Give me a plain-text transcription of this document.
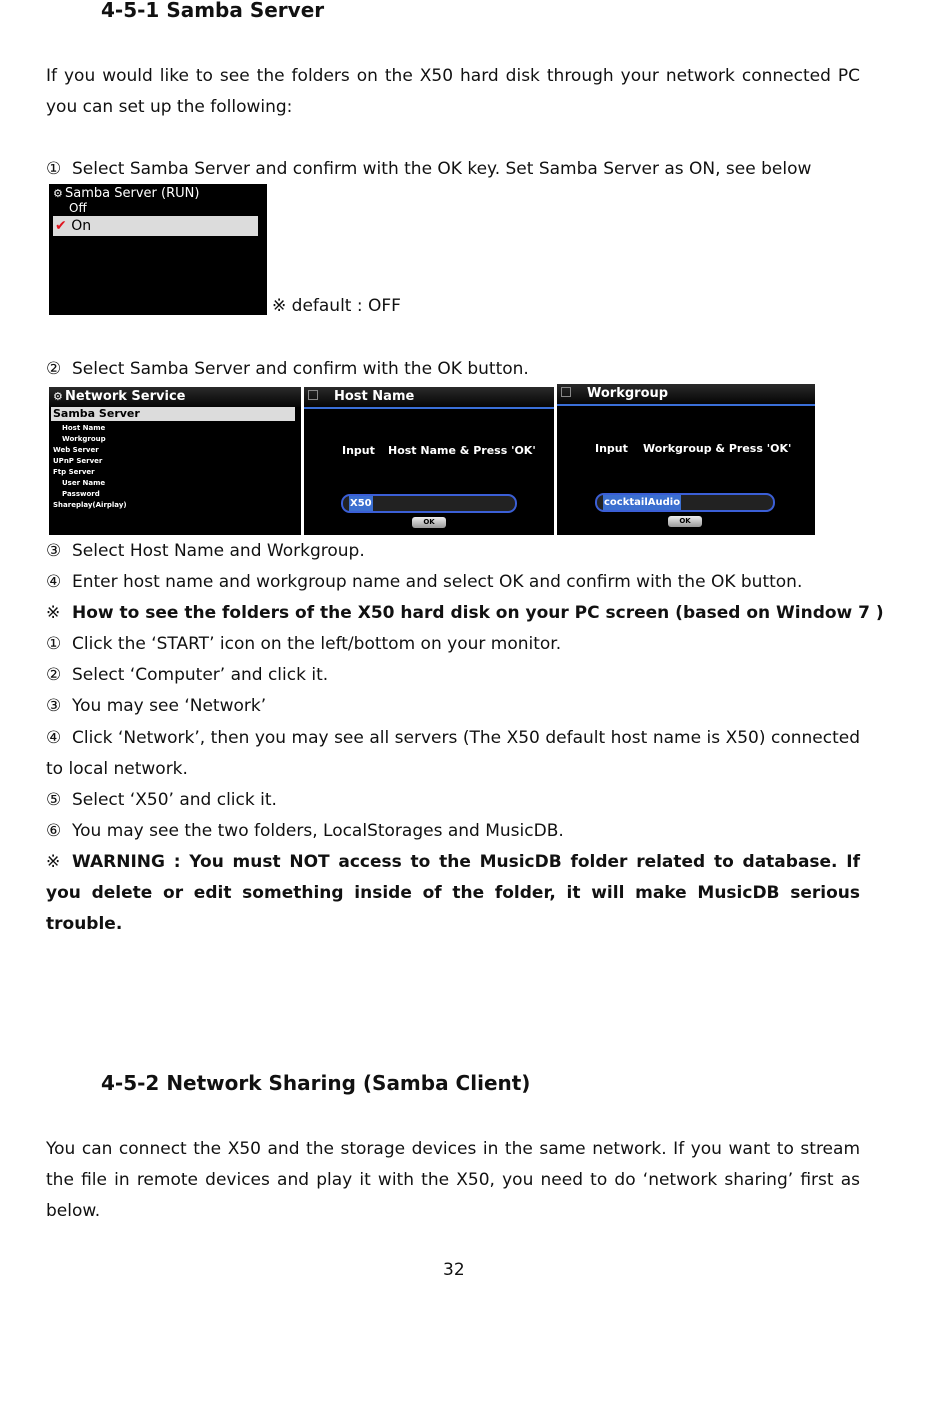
4-5-1 Samba Server
If you would like to see the folders on the X50 hard disk through your network connected PC you can set up the following:
① Select Samba Server and confirm with the OK key. Set Samba Server as ON, see below
⚙ Samba Server (RUN)
Off
✔ On
※ default : OFF
② Select Samba Server and confirm with the OK button.
⚙ Network Service
Samba Server
Host Name
Workgroup
Web Server
UPnP Server
Ftp Server
User Name
Password
Shareplay(Airplay)
Host Name
Input Host Name & Press 'OK'
X50
OK
Workgroup
Input Workgroup & Press 'OK'
cocktailAudio
OK
③ Select Host Name and Workgroup.
④ Enter host name and workgroup name and select OK and confirm with the OK button.
※ How to see the folders of the X50 hard disk on your PC screen (based on Window 7 )
① Click the ‘START’ icon on the left/bottom on your monitor.
② Select ‘Computer’ and click it.
③ You may see ‘Network’
④ Click ‘Network’, then you may see all servers (The X50 default host name is X50) connected to local network.
⑤ Select ‘X50’ and click it.
⑥ You may see the two folders, LocalStorages and MusicDB.
※ WARNING : You must NOT access to the MusicDB folder related to database. If you delete or edit something inside of the folder, it will make MusicDB serious trouble.
4-5-2 Network Sharing (Samba Client)
You can connect the X50 and the storage devices in the same network. If you want to stream the file in remote devices and play it with the X50, you need to do ‘network sharing’ first as below.
32
